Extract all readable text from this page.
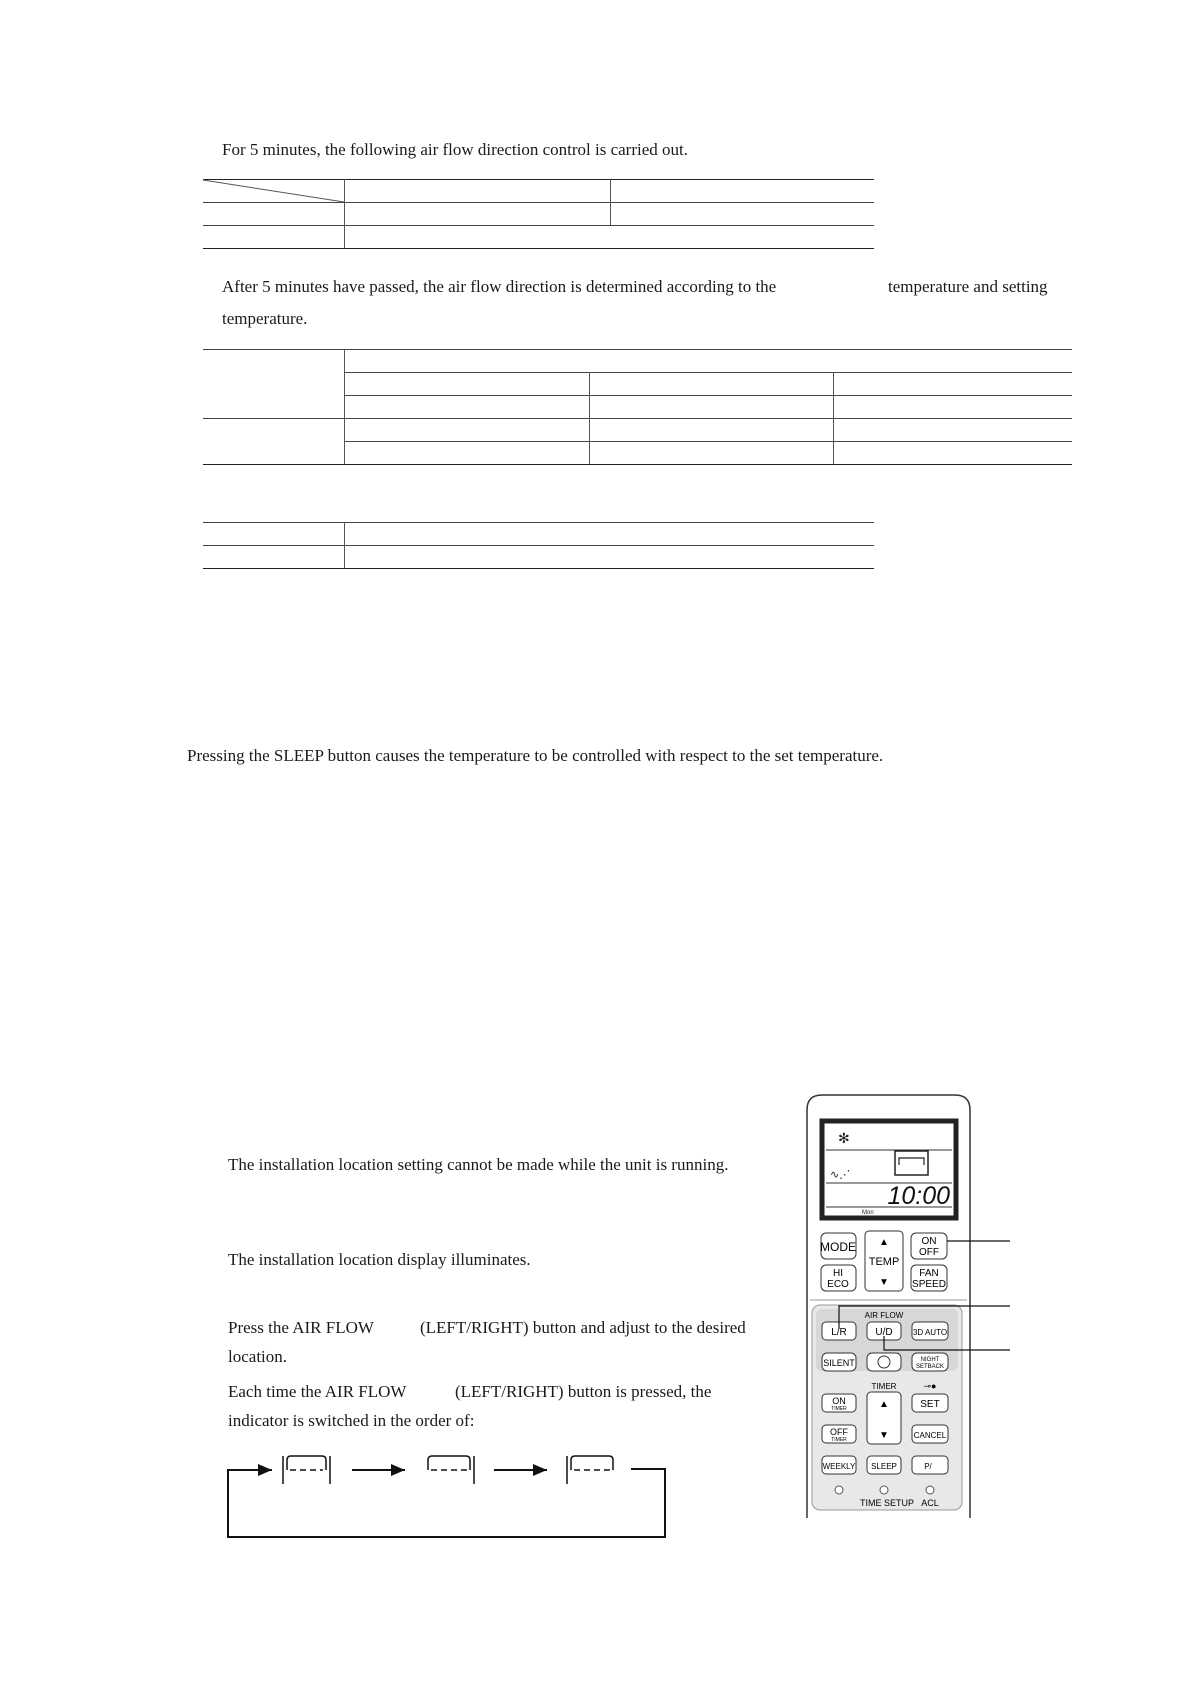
For 5 minutes, the following air flow direction control is carried out.
After 5 minutes have passed, the air flow direction is determined according to the	temperature and setting
temperature.
Pressing the SLEEP button causes the temperature to be controlled with respect to the set temperature.
The installation location setting cannot be made while the unit is running.
The installation location display illuminates.
Press the AIR FLOW	(LEFT/RIGHT) button and adjust to the desired
location.
Each time the AIR FLOW	(LEFT/RIGHT) button is pressed, the
indicator is switched in the order of:
✻
∿⋰
10:00
Mon
MODE ▲
TEMP
▼
ON
OFF
HI
ECO
FAN
SPEED
AIR FLOW
L/R	U/D	3D AUTO
SILENT	NIGHT
SETBACK
TIMER	⊸●
ON
TIMER	▲
▼
SET
OFF
TIMER	CANCEL
WEEKLY SLEEP	P/
TIME SETUP ACL
